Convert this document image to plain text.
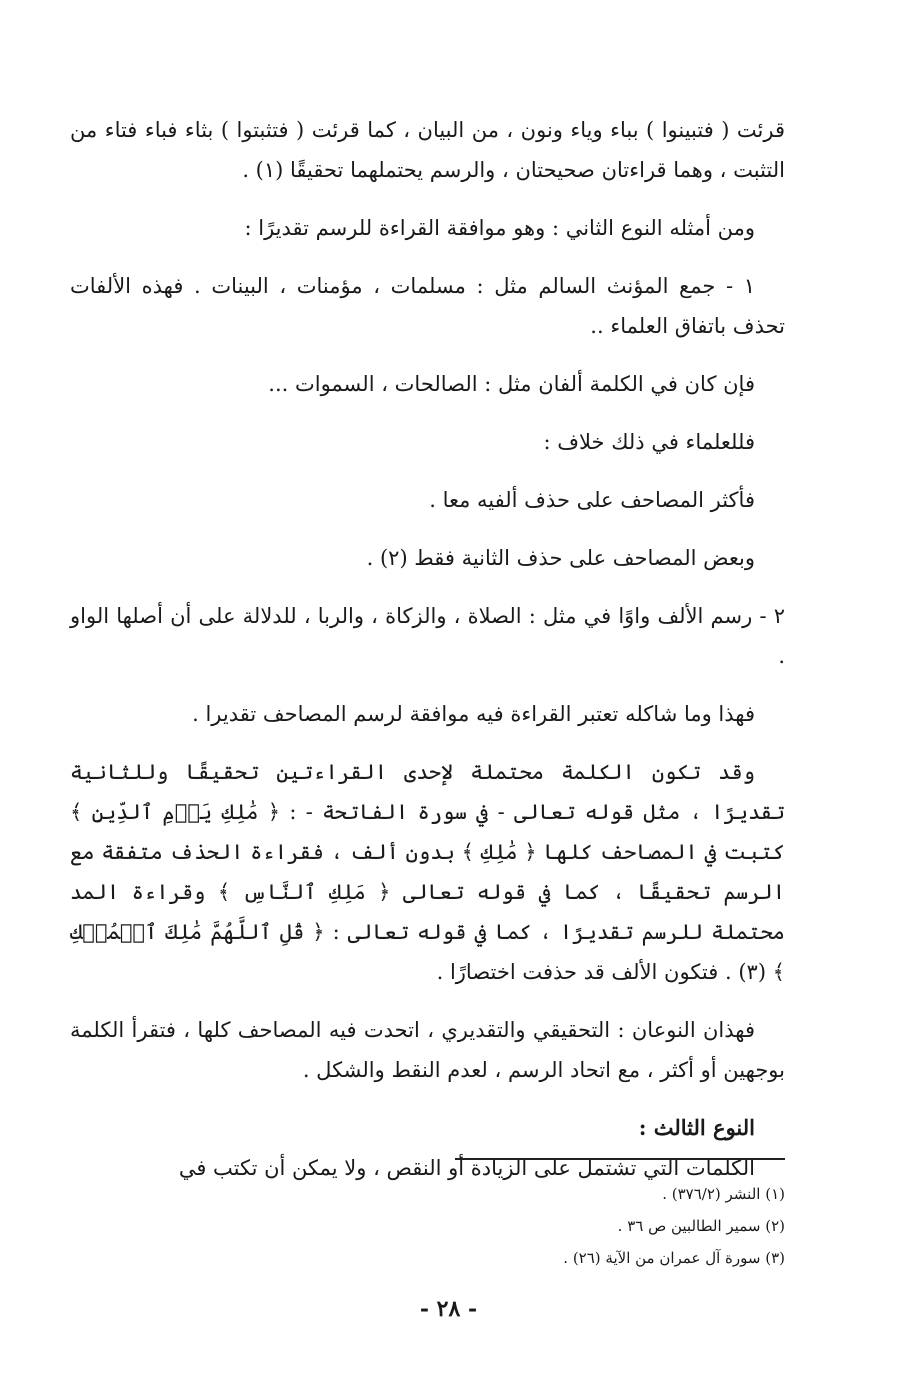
قرئت ( فتبينوا ) بباء وياء ونون ، من البيان ، كما قرئت ( فتثبتوا ) بثاء فباء فتاء من التثبت ، وهما قراءتان صحيحتان ، والرسم يحتملهما تحقيقًا (١) .

ومن أمثله النوع الثاني : وهو موافقة القراءة للرسم تقديرًا :

١ - جمع المؤنث السالم مثل : مسلمات ، مؤمنات ، البينات . فهذه الألفات تحذف باتفاق العلماء ..

فإن كان في الكلمة ألفان مثل : الصالحات ، السموات ...

فللعلماء في ذلك خلاف :

فأكثر المصاحف على حذف ألفيه معا .

وبعض المصاحف على حذف الثانية فقط (٢) .

٢ - رسم الألف واوًا في مثل : الصلاة ، والزكاة ، والربا ، للدلالة على أن أصلها الواو .

فهذا وما شاكله تعتبر القراءة فيه موافقة لرسم المصاحف تقديرا .

وقد تكون الكلمة محتملة لإحدى القراءتين تحقيقًا وللثانية تقديرًا ، مثل قوله تعالى - في سورة الفاتحة - : ﴿ مَٰلِكِ يَوۡمِ ٱلدِّينِ ﴾ كتبت في المصاحف كلها ﴿ مَٰلِكِ ﴾ بدون ألف ، فقراءة الحذف متفقة مع الرسم تحقيقًا ، كما في قوله تعالى ﴿ مَلِكِ ٱلنَّاسِ ﴾ وقراءة المد محتملة للرسم تقديرًا ، كما في قوله تعالى : ﴿ قُلِ ٱللَّهُمَّ مَٰلِكَ ٱلۡمُلۡكِ ﴾ (٣) . فتكون الألف قد حذفت اختصارًا .

فهذان النوعان : التحقيقي والتقديري ، اتحدت فيه المصاحف كلها ، فتقرأ الكلمة بوجهين أو أكثر ، مع اتحاد الرسم ، لعدم النقط والشكل .

النوع الثالث :

الكلمات التي تشتمل على الزيادة أو النقص ، ولا يمكن أن تكتب في

(١) النشر (٣٧٦/٢) .

(٢) سمير الطالبين ص ٣٦ .

(٣) سورة آل عمران من الآية (٢٦) .

- ٢٨ -
